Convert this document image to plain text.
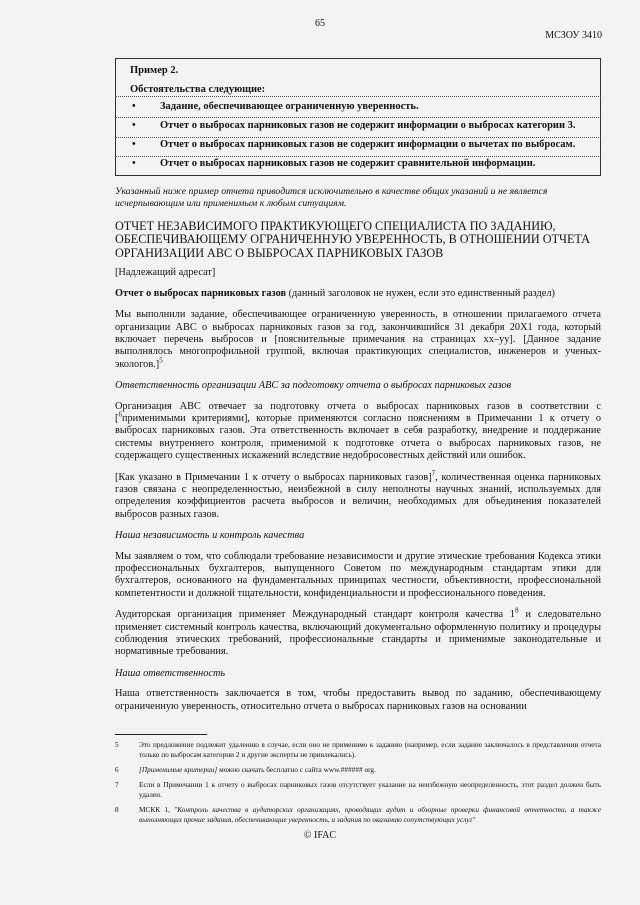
65
МСЗОУ 3410

Пример 2.

Обстоятельства следующие:

• Задание, обеспечивающее ограниченную уверенность.
• Отчет о выбросах парниковых газов не содержит информации о выбросах категории 3.
• Отчет о выбросах парниковых газов не содержит информации о вычетах по выбросам.
• Отчет о выбросах парниковых газов не содержит сравнительной информации.

Указанный ниже пример отчета приводится исключительно в качестве общих указаний и не является исчерпывающим или применимым к любым ситуациям.

ОТЧЕТ НЕЗАВИСИМОГО ПРАКТИКУЮЩЕГО СПЕЦИАЛИСТА ПО ЗАДАНИЮ, ОБЕСПЕЧИВАЮЩЕМУ ОГРАНИЧЕННУЮ УВЕРЕННОСТЬ, В ОТНОШЕНИИ ОТЧЕТА ОРГАНИЗАЦИИ ABC О ВЫБРОСАХ ПАРНИКОВЫХ ГАЗОВ

[Надлежащий адресат]

Отчет о выбросах парниковых газов (данный заголовок не нужен, если это единственный раздел)

Мы выполнили задание, обеспечивающее ограниченную уверенность, в отношении прилагаемого отчета организации ABC о выбросах парниковых газов за год, закончившийся 31 декабря 20X1 года, который включает перечень выбросов и [пояснительные примечания на страницах xx–yy]. [Данное задание выполнялось многопрофильной группой, включая практикующих специалистов, инженеров и ученых-экологов.]$^5$

Ответственность организации ABC за подготовку отчета о выбросах парниковых газов

Организация ABC отвечает за подготовку отчета о выбросах парниковых газов в соответствии с [$^6$применимыми критериями], которые применяются согласно пояснениям в Примечании 1 к отчету о выбросах парниковых газов. Эта ответственность включает в себя разработку, внедрение и поддержание системы внутреннего контроля, применимой к подготовке отчета о выбросах парниковых газов, не содержащего существенных искажений вследствие недобросовестных действий или ошибок.

[Как указано в Примечании 1 к отчету о выбросах парниковых газов]$^7$, количественная оценка парниковых газов связана с неопределенностью, неизбежной в силу неполноты научных знаний, используемых для определения коэффициентов расчета выбросов и величин, необходимых для объединения показателей выбросов разных газов.

Наша независимость и контроль качества

Мы заявляем о том, что соблюдали требование независимости и другие этические требования Кодекса этики профессиональных бухгалтеров, выпущенного Советом по международным стандартам этики для бухгалтеров, основанного на фундаментальных принципах честности, объективности, профессиональной компетентности и должной тщательности, конфиденциальности и профессионального поведения.

Аудиторская организация применяет Международный стандарт контроля качества $1^8$ и следовательно применяет системный контроль качества, включающий документально оформленную политику и процедуры соблюдения этических требований, профессиональные стандарты и применимые законодательные и нормативные требования.

Наша ответственность

Наша ответственность заключается в том, чтобы предоставить вывод по заданию, обеспечивающему ограниченную уверенность, относительно отчета о выбросах парниковых газов на основании

5	Это предложение подлежит удалению в случае, если оно не применимо к заданию (например, если задание заключалось в представлении отчета только по выбросам категории 2 и другие эксперты не привлекались).
6	[Применимые критерии] можно скачать бесплатно с сайта www.###### org.
7	Если в Примечании 1 к отчету о выбросах парниковых газов отсутствует указание на неизбежную неопределенность, этот раздел должен быть удален.
8	МСКК 1, "Контроль качества в аудиторских организациях, проводящих аудит и обзорные проверки финансовой отчетности, а также выполняющих прочие задания, обеспечивающие уверенность, и задания по оказанию сопутствующих услуг"
© IFAC
